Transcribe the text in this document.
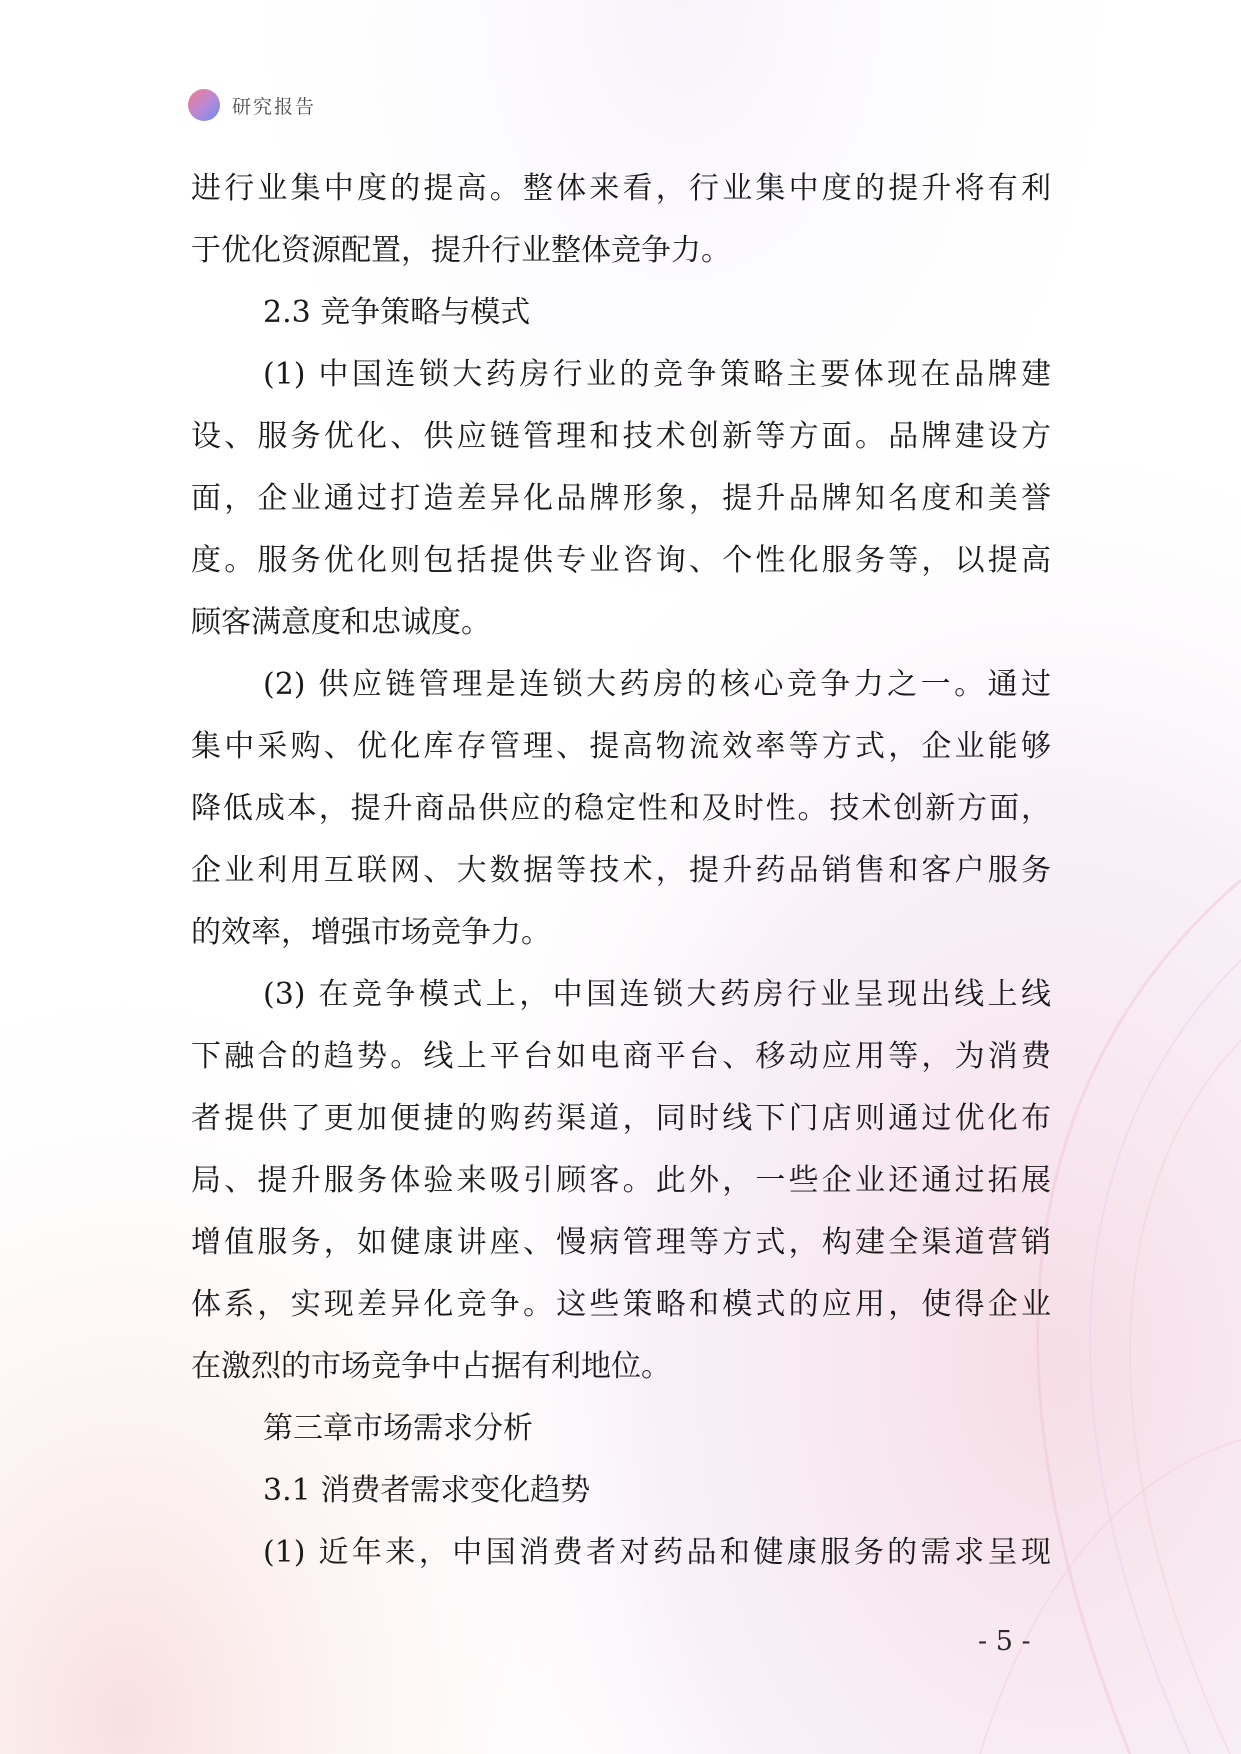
研究报告

进行业集中度的提高。整体来看，行业集中度的提升将有利

于优化资源配置，提升行业整体竞争力。

2.3 竞争策略与模式

(1) 中国连锁大药房行业的竞争策略主要体现在品牌建

设、服务优化、供应链管理和技术创新等方面。品牌建设方

面，企业通过打造差异化品牌形象，提升品牌知名度和美誉

度。服务优化则包括提供专业咨询、个性化服务等，以提高

顾客满意度和忠诚度。

(2) 供应链管理是连锁大药房的核心竞争力之一。通过

集中采购、优化库存管理、提高物流效率等方式，企业能够

降低成本，提升商品供应的稳定性和及时性。技术创新方面，

企业利用互联网、大数据等技术，提升药品销售和客户服务

的效率，增强市场竞争力。

(3) 在竞争模式上，中国连锁大药房行业呈现出线上线

下融合的趋势。线上平台如电商平台、移动应用等，为消费

者提供了更加便捷的购药渠道，同时线下门店则通过优化布

局、提升服务体验来吸引顾客。此外，一些企业还通过拓展

增值服务，如健康讲座、慢病管理等方式，构建全渠道营销

体系，实现差异化竞争。这些策略和模式的应用，使得企业

在激烈的市场竞争中占据有利地位。

第三章市场需求分析

3.1 消费者需求变化趋势

(1) 近年来，中国消费者对药品和健康服务的需求呈现

- 5 -
